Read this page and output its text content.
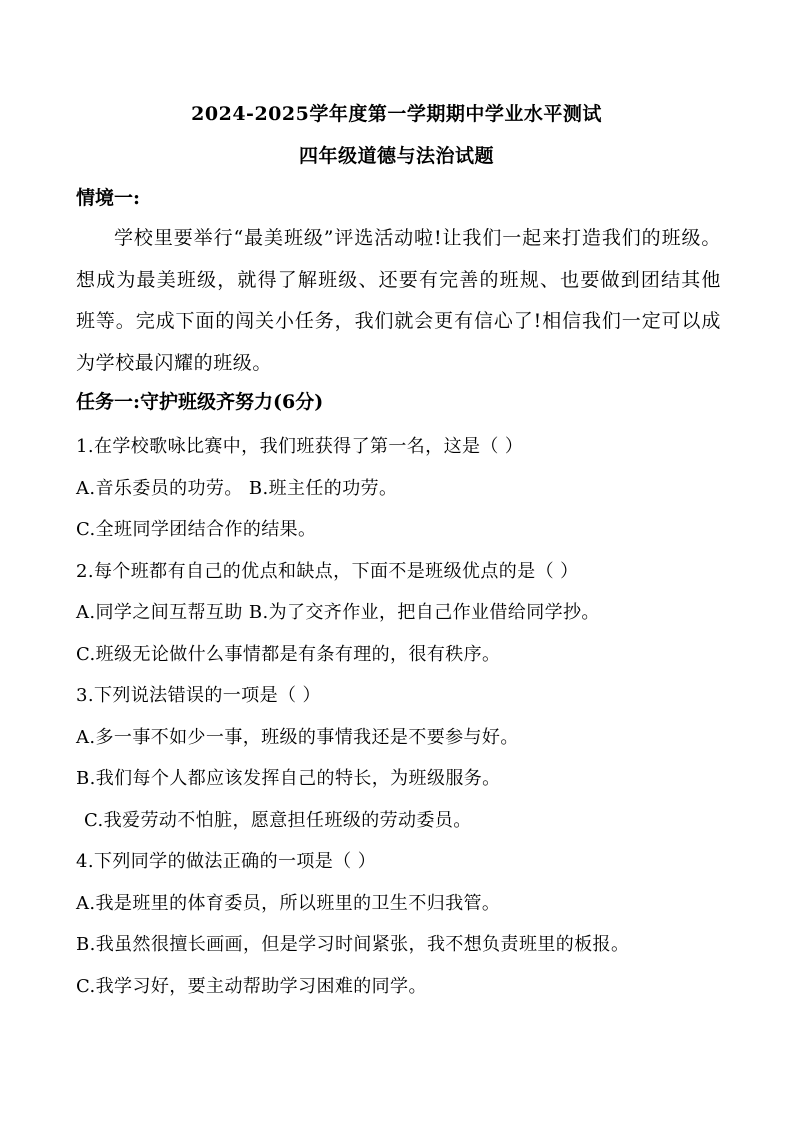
2024-2025学年度第一学期期中学业水平测试
四年级道德与法治试题
情境一:
学校里要举行“最美班级”评选活动啦!让我们一起来打造我们的班级。想成为最美班级，就得了解班级、还要有完善的班规、也要做到团结其他班等。完成下面的闯关小任务，我们就会更有信心了!相信我们一定可以成为学校最闪耀的班级。
任务一:守护班级齐努力(6分)
1.在学校歌咏比赛中，我们班获得了第一名，这是（ ）
A.音乐委员的功劳。 B.班主任的功劳。
C.全班同学团结合作的结果。
2.每个班都有自己的优点和缺点，下面不是班级优点的是（ ）
A.同学之间互帮互助 B.为了交齐作业，把自己作业借给同学抄。
C.班级无论做什么事情都是有条有理的，很有秩序。
3.下列说法错误的一项是（ ）
A.多一事不如少一事，班级的事情我还是不要参与好。
B.我们每个人都应该发挥自己的特长，为班级服务。
C.我爱劳动不怕脏，愿意担任班级的劳动委员。
4.下列同学的做法正确的一项是（ ）
A.我是班里的体育委员，所以班里的卫生不归我管。
B.我虽然很擅长画画，但是学习时间紧张，我不想负责班里的板报。
C.我学习好，要主动帮助学习困难的同学。
